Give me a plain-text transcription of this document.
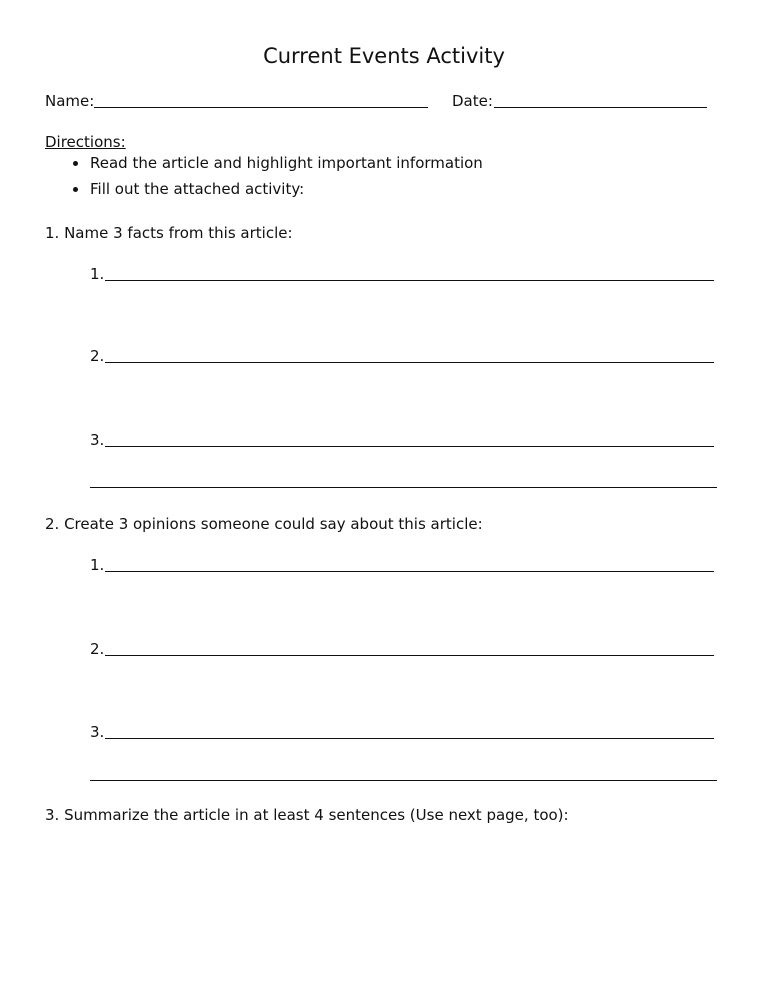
Current Events Activity
Name:	Date:
Directions:
Read the article and highlight important information
Fill out the attached activity:
1. Name 3 facts from this article:
1.
2.
3.
2. Create 3 opinions someone could say about this article:
1.
2.
3.
3. Summarize the article in at least 4 sentences (Use next page, too):
